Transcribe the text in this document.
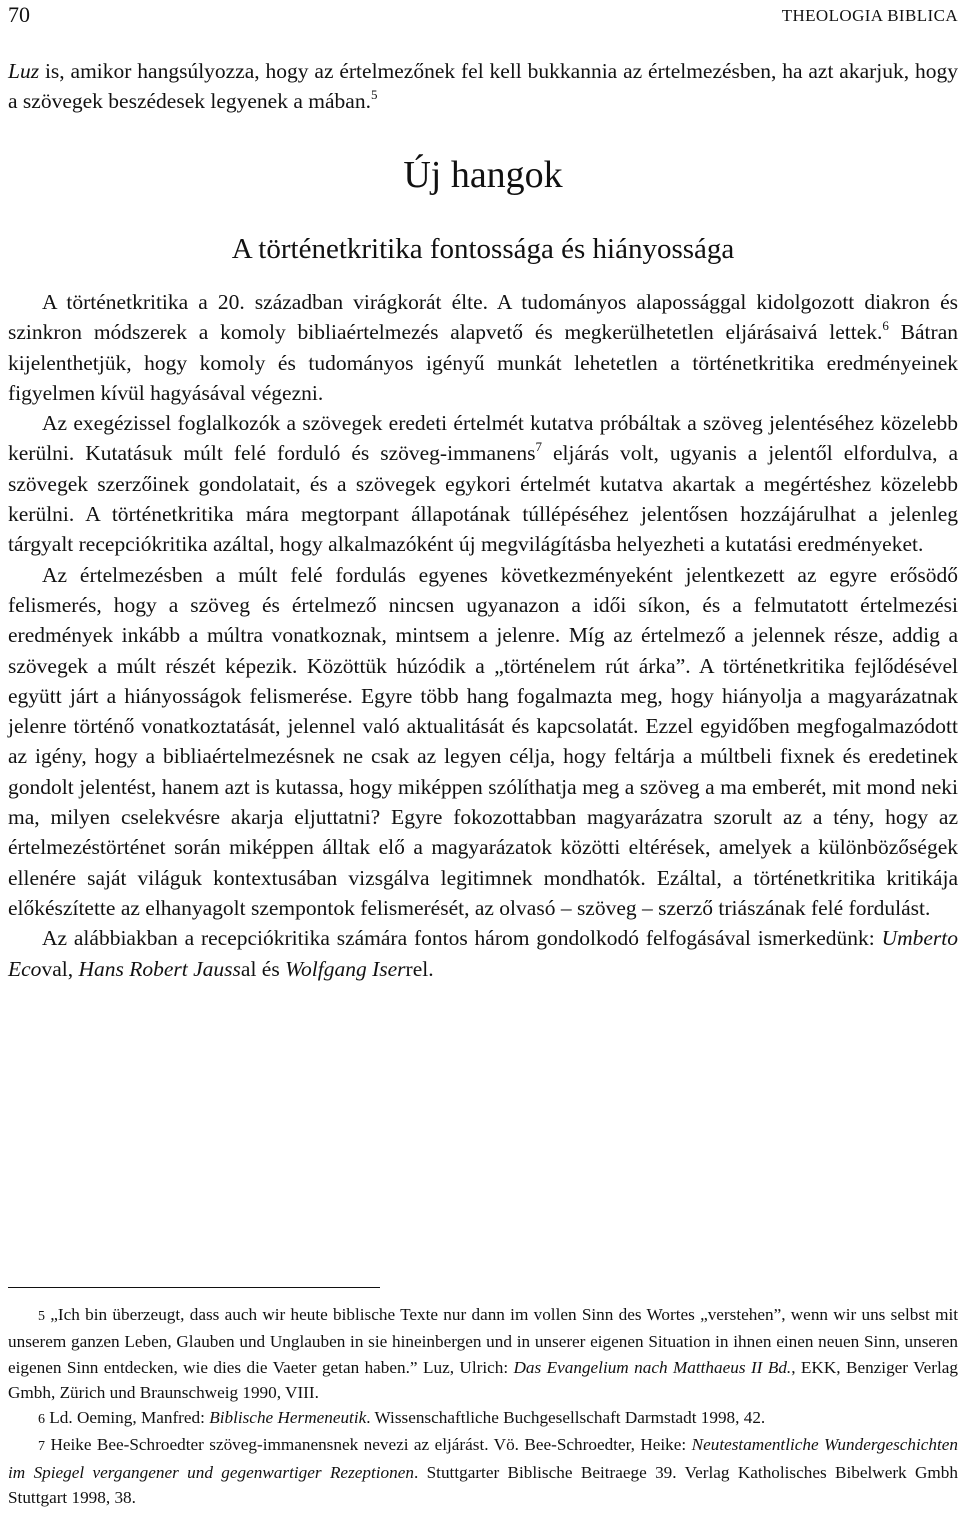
70	THEOLOGIA BIBLICA
Luz is, amikor hangsúlyozza, hogy az értelmezőnek fel kell bukkannia az értelmezésben, ha azt akarjuk, hogy a szövegek beszédesek legyenek a mában.$^5$
Új hangok
A történetkritika fontossága és hiányossága

A történetkritika a 20. században virágkorát élte. A tudományos alapossággal kidolgozott diakron és szinkron módszerek a komoly bibliaértelmezés alapvető és megkerülhetetlen eljárásaivá lettek.$^6$ Bátran kijelenthetjük, hogy komoly és tudományos igényű munkát lehetetlen a történetkritika eredményeinek figyelmen kívül hagyásával végezni.

Az exegézissel foglalkozók a szövegek eredeti értelmét kutatva próbáltak a szöveg jelentéséhez közelebb kerülni. Kutatásuk múlt felé forduló és szöveg-immanens$^7$ eljárás volt, ugyanis a jelentől elfordulva, a szövegek szerzőinek gondolatait, és a szövegek egykori értelmét kutatva akartak a megértéshez közelebb kerülni. A történetkritika mára megtorpant állapotának túllépéséhez jelentősen hozzájárulhat a jelenleg tárgyalt recepciókritika azáltal, hogy alkalmazóként új megvilágításba helyezheti a kutatási eredményeket.

Az értelmezésben a múlt felé fordulás egyenes következményeként jelentkezett az egyre erősödő felismerés, hogy a szöveg és értelmező nincsen ugyanazon a idői síkon, és a felmutatott értelmezési eredmények inkább a múltra vonatkoznak, mintsem a jelenre. Míg az értelmező a jelennek része, addig a szövegek a múlt részét képezik. Közöttük húzódik a „történelem rút árka”. A történetkritika fejlődésével együtt járt a hiányosságok felismerése. Egyre több hang fogalmazta meg, hogy hiányolja a magyarázatnak jelenre történő vonatkoztatását, jelennel való aktualitását és kapcsolatát. Ezzel egyidőben megfogalmazódott az igény, hogy a bibliaértelmezésnek ne csak az legyen célja, hogy feltárja a múltbeli fixnek és eredetinek gondolt jelentést, hanem azt is kutassa, hogy miképpen szólíthatja meg a szöveg a ma emberét, mit mond neki ma, milyen cselekvésre akarja eljuttatni? Egyre fokozottabban magyarázatra szorult az a tény, hogy az értelmezéstörténet során miképpen álltak elő a magyarázatok közötti eltérések, amelyek a különbözőségek ellenére saját világuk kontextusában vizsgálva legitimnek mondhatók. Ezáltal, a történetkritika kritikája előkészítette az elhanyagolt szempontok felismerését, az olvasó – szöveg – szerző triászának felé fordulást.

Az alábbiakban a recepciókritika számára fontos három gondolkodó felfogásával ismerkedünk: Umberto Ecoval, Hans Robert Jaussal és Wolfgang Iserrel.

5 „Ich bin überzeugt, dass auch wir heute biblische Texte nur dann im vollen Sinn des Wortes „verstehen”, wenn wir uns selbst mit unserem ganzen Leben, Glauben und Unglauben in sie hineinbergen und in unserer eigenen Situation in ihnen einen neuen Sinn, unseren eigenen Sinn entdecken, wie dies die Vaeter getan haben.” Luz, Ulrich: Das Evangelium nach Matthaeus II Bd., EKK, Benziger Verlag Gmbh, Zürich und Braunschweig 1990, VIII.

6 Ld. Oeming, Manfred: Biblische Hermeneutik. Wissenschaftliche Buchgesellschaft Darmstadt 1998, 42.

7 Heike Bee-Schroedter szöveg-immanensnek nevezi az eljárást. Vö. Bee-Schroedter, Heike: Neutestamentliche Wundergeschichten im Spiegel vergangener und gegenwartiger Rezeptionen. Stuttgarter Biblische Beitraege 39. Verlag Katholisches Bibelwerk Gmbh Stuttgart 1998, 38.
